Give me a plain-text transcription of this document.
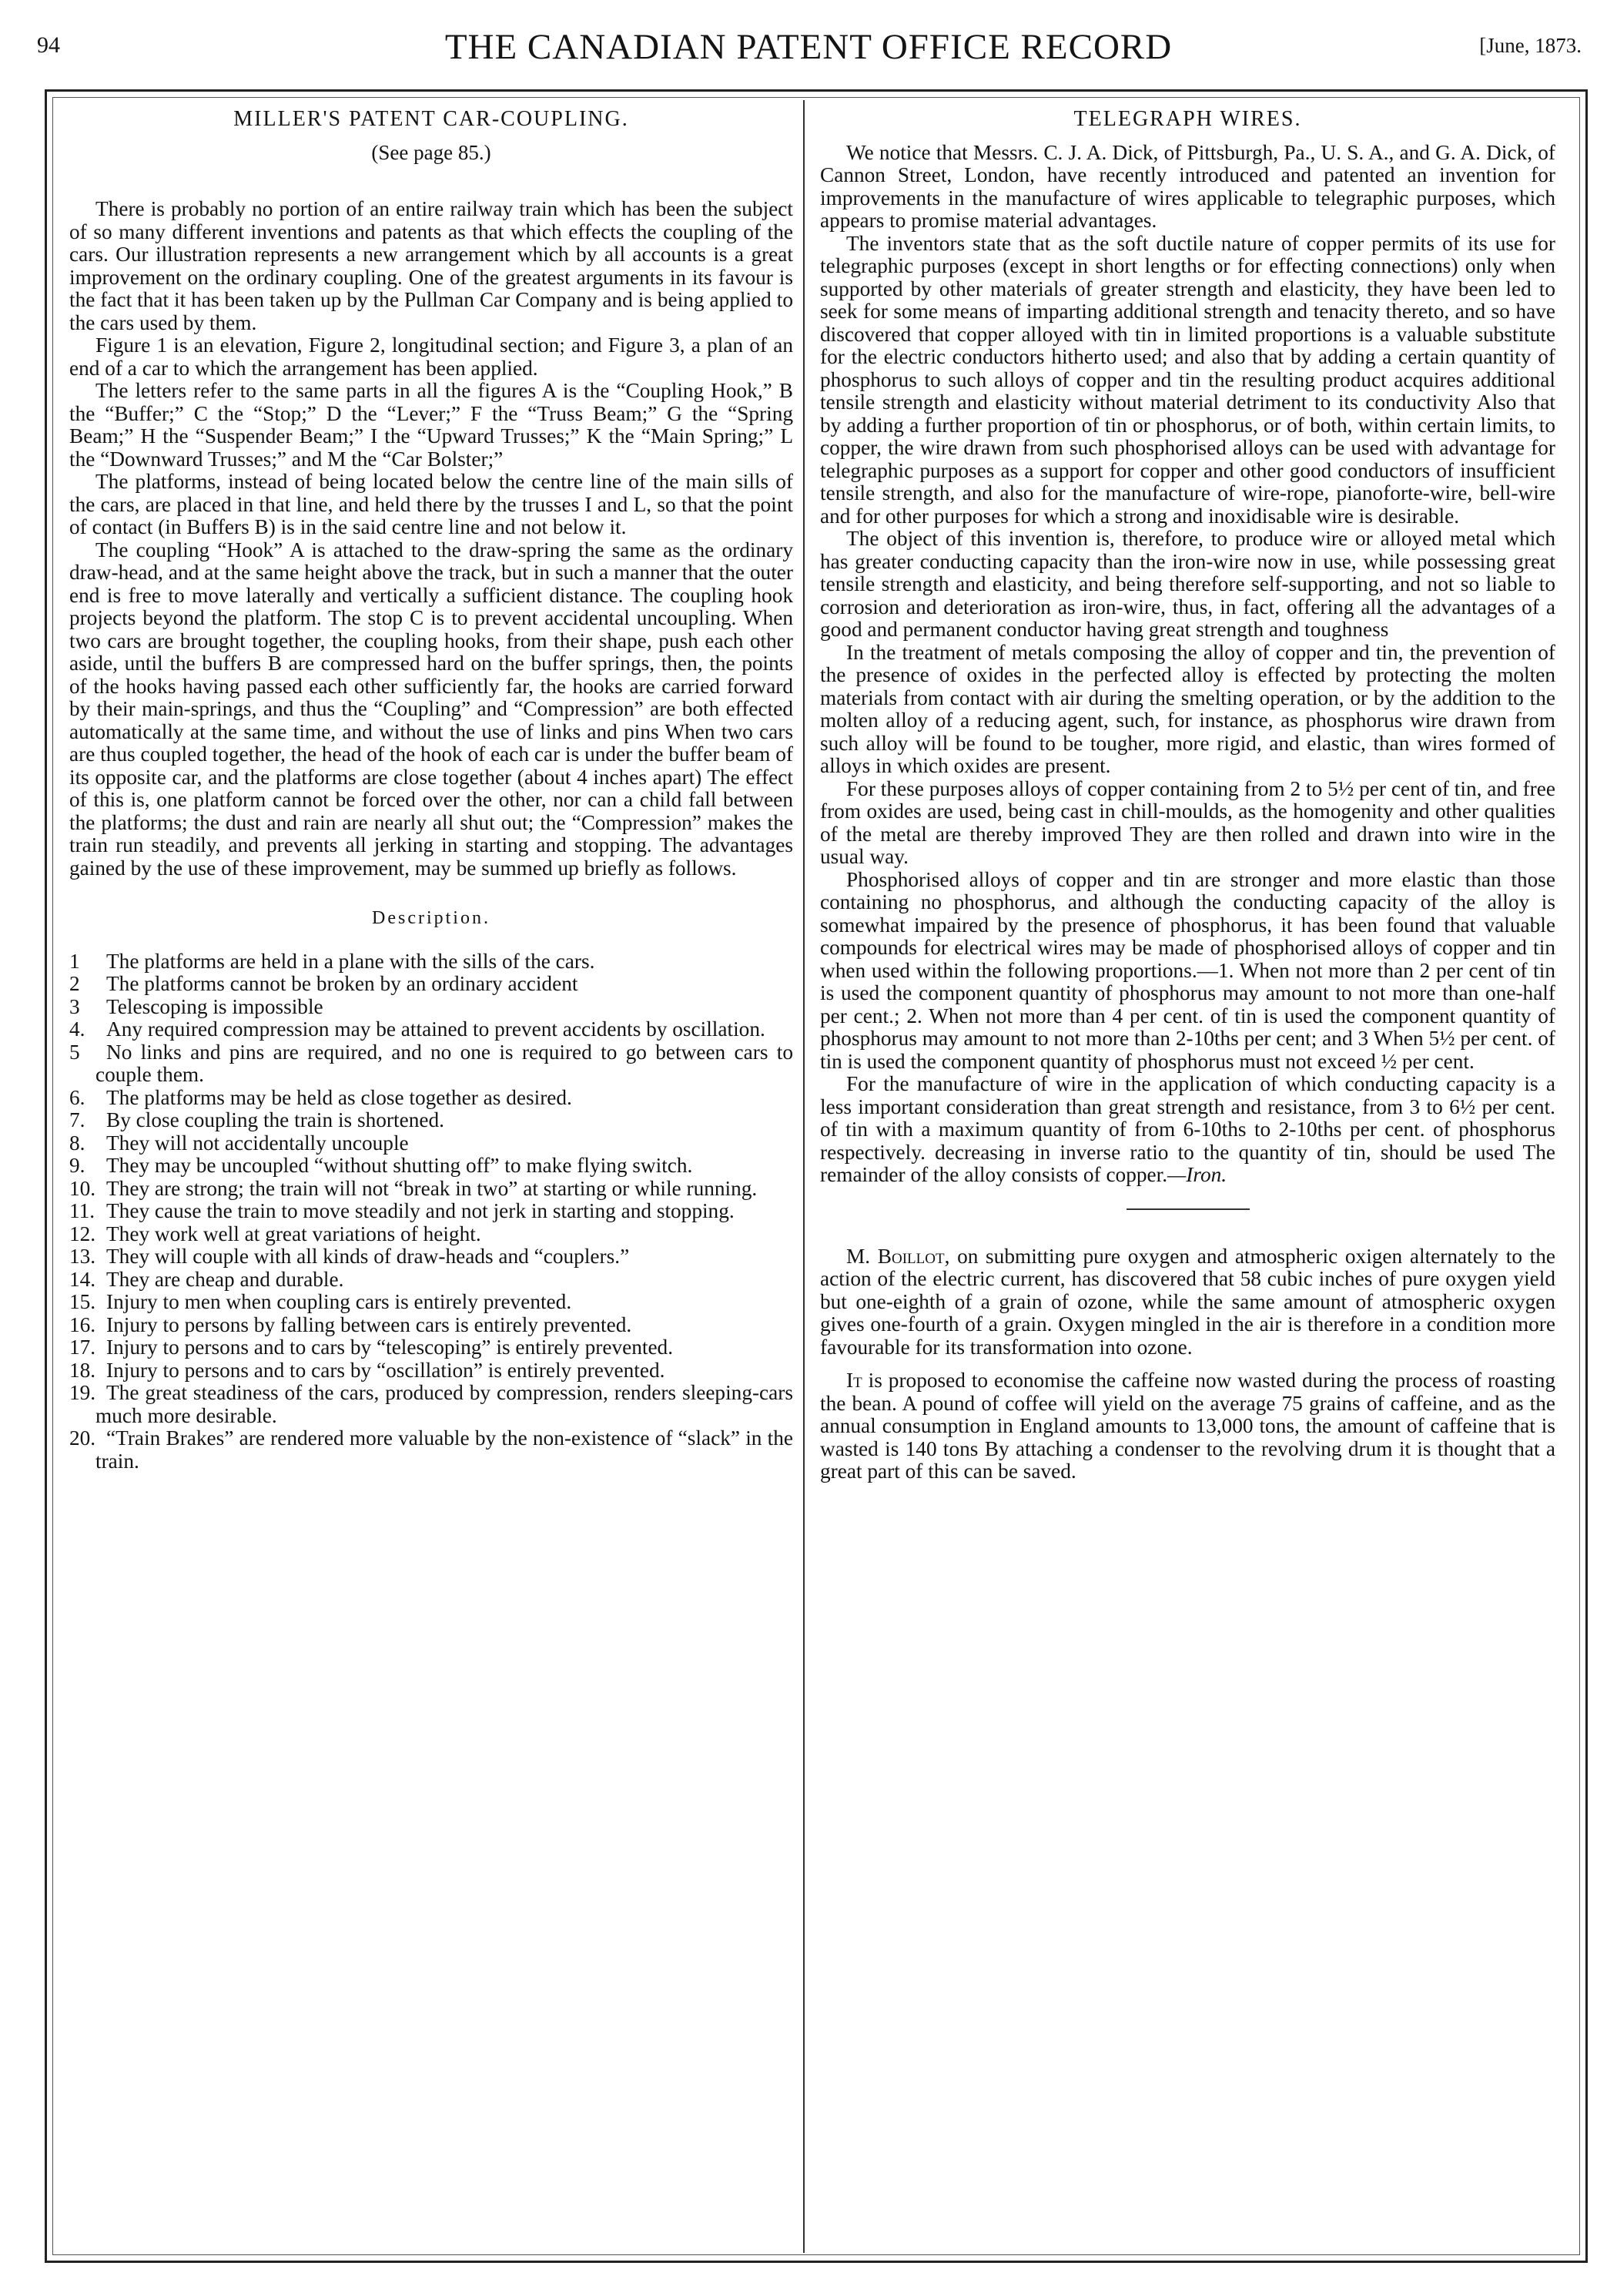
94	THE CANADIAN PATENT OFFICE RECORD	[June, 1873.
MILLER'S PATENT CAR-COUPLING.
(See page 85.)

There is probably no portion of an entire railway train which has been the subject of so many different inventions and patents as that which effects the coupling of the cars. Our illustration represents a new arrangement which by all accounts is a great improvement on the ordinary coupling. One of the greatest arguments in its favour is the fact that it has been taken up by the Pullman Car Company and is being applied to the cars used by them.

Figure 1 is an elevation, Figure 2, longitudinal section; and Figure 3, a plan of an end of a car to which the arrangement has been applied.

The letters refer to the same parts in all the figures A is the “Coupling Hook,” B the “Buffer;” C the “Stop;” D the “Lever;” F the “Truss Beam;” G the “Spring Beam;” H the “Suspender Beam;” I the “Upward Trusses;” K the “Main Spring;” L the “Downward Trusses;” and M the “Car Bolster;”

The platforms, instead of being located below the centre line of the main sills of the cars, are placed in that line, and held there by the trusses I and L, so that the point of contact (in Buffers B) is in the said centre line and not below it.

The coupling “Hook” A is attached to the draw-spring the same as the ordinary draw-head, and at the same height above the track, but in such a manner that the outer end is free to move laterally and vertically a sufficient distance. The coupling hook projects beyond the platform. The stop C is to prevent accidental uncoupling. When two cars are brought together, the coupling hooks, from their shape, push each other aside, until the buffers B are compressed hard on the buffer springs, then, the points of the hooks having passed each other sufficiently far, the hooks are carried forward by their main-springs, and thus the “Coupling” and “Compression” are both effected automatically at the same time, and without the use of links and pins When two cars are thus coupled together, the head of the hook of each car is under the buffer beam of its opposite car, and the platforms are close together (about 4 inches apart) The effect of this is, one platform cannot be forced over the other, nor can a child fall between the platforms; the dust and rain are nearly all shut out; the “Compression” makes the train run steadily, and prevents all jerking in starting and stopping. The advantages gained by the use of these improvement, may be summed up briefly as follows.

Description.
1 The platforms are held in a plane with the sills of the cars.
2 The platforms cannot be broken by an ordinary accident
3 Telescoping is impossible
4. Any required compression may be attained to prevent accidents by oscillation.
5 No links and pins are required, and no one is required to go between cars to couple them.
6. The platforms may be held as close together as desired.
7. By close coupling the train is shortened.
8. They will not accidentally uncouple
9. They may be uncoupled “without shutting off” to make flying switch.
10. They are strong; the train will not “break in two” at starting or while running.
11. They cause the train to move steadily and not jerk in starting and stopping.
12. They work well at great variations of height.
13. They will couple with all kinds of draw-heads and “couplers.”
14. They are cheap and durable.
15. Injury to men when coupling cars is entirely prevented.
16. Injury to persons by falling between cars is entirely prevented.
17. Injury to persons and to cars by “telescoping” is entirely prevented.
18. Injury to persons and to cars by “oscillation” is entirely prevented.
19. The great steadiness of the cars, produced by compression, renders sleeping-cars much more desirable.
20. “Train Brakes” are rendered more valuable by the non-existence of “slack” in the train.
TELEGRAPH WIRES.

We notice that Messrs. C. J. A. Dick, of Pittsburgh, Pa., U. S. A., and G. A. Dick, of Cannon Street, London, have recently introduced and patented an invention for improvements in the manufacture of wires applicable to telegraphic purposes, which appears to promise material advantages.

The inventors state that as the soft ductile nature of copper permits of its use for telegraphic purposes (except in short lengths or for effecting connections) only when supported by other materials of greater strength and elasticity, they have been led to seek for some means of imparting additional strength and tenacity thereto, and so have discovered that copper alloyed with tin in limited proportions is a valuable substitute for the electric conductors hitherto used; and also that by adding a certain quantity of phosphorus to such alloys of copper and tin the resulting product acquires additional tensile strength and elasticity without material detriment to its conductivity Also that by adding a further proportion of tin or phosphorus, or of both, within certain limits, to copper, the wire drawn from such phosphorised alloys can be used with advantage for telegraphic purposes as a support for copper and other good conductors of insufficient tensile strength, and also for the manufacture of wire-rope, pianoforte-wire, bell-wire and for other purposes for which a strong and inoxidisable wire is desirable.

The object of this invention is, therefore, to produce wire or alloyed metal which has greater conducting capacity than the iron-wire now in use, while possessing great tensile strength and elasticity, and being therefore self-supporting, and not so liable to corrosion and deterioration as iron-wire, thus, in fact, offering all the advantages of a good and permanent conductor having great strength and toughness

In the treatment of metals composing the alloy of copper and tin, the prevention of the presence of oxides in the perfected alloy is effected by protecting the molten materials from contact with air during the smelting operation, or by the addition to the molten alloy of a reducing agent, such, for instance, as phosphorus wire drawn from such alloy will be found to be tougher, more rigid, and elastic, than wires formed of alloys in which oxides are present.

For these purposes alloys of copper containing from 2 to 5½ per cent of tin, and free from oxides are used, being cast in chill-moulds, as the homogenity and other qualities of the metal are thereby improved They are then rolled and drawn into wire in the usual way.

Phosphorised alloys of copper and tin are stronger and more elastic than those containing no phosphorus, and although the conducting capacity of the alloy is somewhat impaired by the presence of phosphorus, it has been found that valuable compounds for electrical wires may be made of phosphorised alloys of copper and tin when used within the following proportions.—1. When not more than 2 per cent of tin is used the component quantity of phosphorus may amount to not more than one-half per cent.; 2. When not more than 4 per cent. of tin is used the component quantity of phosphorus may amount to not more than 2-10ths per cent; and 3 When 5½ per cent. of tin is used the component quantity of phosphorus must not exceed ½ per cent.

For the manufacture of wire in the application of which conducting capacity is a less important consideration than great strength and resistance, from 3 to 6½ per cent. of tin with a maximum quantity of from 6-10ths to 2-10ths per cent. of phosphorus respectively. decreasing in inverse ratio to the quantity of tin, should be used The remainder of the alloy consists of copper.—Iron.

M. Boillot, on submitting pure oxygen and atmospheric oxigen alternately to the action of the electric current, has discovered that 58 cubic inches of pure oxygen yield but one-eighth of a grain of ozone, while the same amount of atmospheric oxygen gives one-fourth of a grain. Oxygen mingled in the air is therefore in a condition more favourable for its transformation into ozone.

It is proposed to economise the caffeine now wasted during the process of roasting the bean. A pound of coffee will yield on the average 75 grains of caffeine, and as the annual consumption in England amounts to 13,000 tons, the amount of caffeine that is wasted is 140 tons By attaching a condenser to the revolving drum it is thought that a great part of this can be saved.
